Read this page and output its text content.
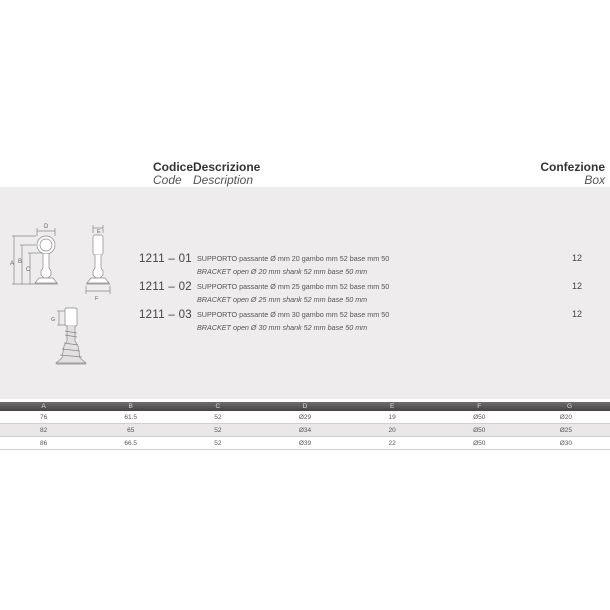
Codice
Code
Descrizione
Description
Confezione
Box
D
A B
C
E
F
G
1211 – 01 SUPPORTO passante Ø mm 20 gambo mm 52 base mm 50
BRACKET open Ø 20 mm shank 52 mm base 50 mm
12
1211 – 02 SUPPORTO passante Ø mm 25 gambo mm 52 base mm 50
BRACKET open Ø 25 mm shank 52 mm base 50 mm
12
1211 – 03 SUPPORTO passante Ø mm 30 gambo mm 52 base mm 50
BRACKET open Ø 30 mm shank 52 mm base 50 mm
12
A	B	C	D	E	F	G
76	61.5	52	Ø29	19	Ø50	Ø20
82	65	52	Ø34	20	Ø50	Ø25
86	66.5	52	Ø39	22	Ø50	Ø30
